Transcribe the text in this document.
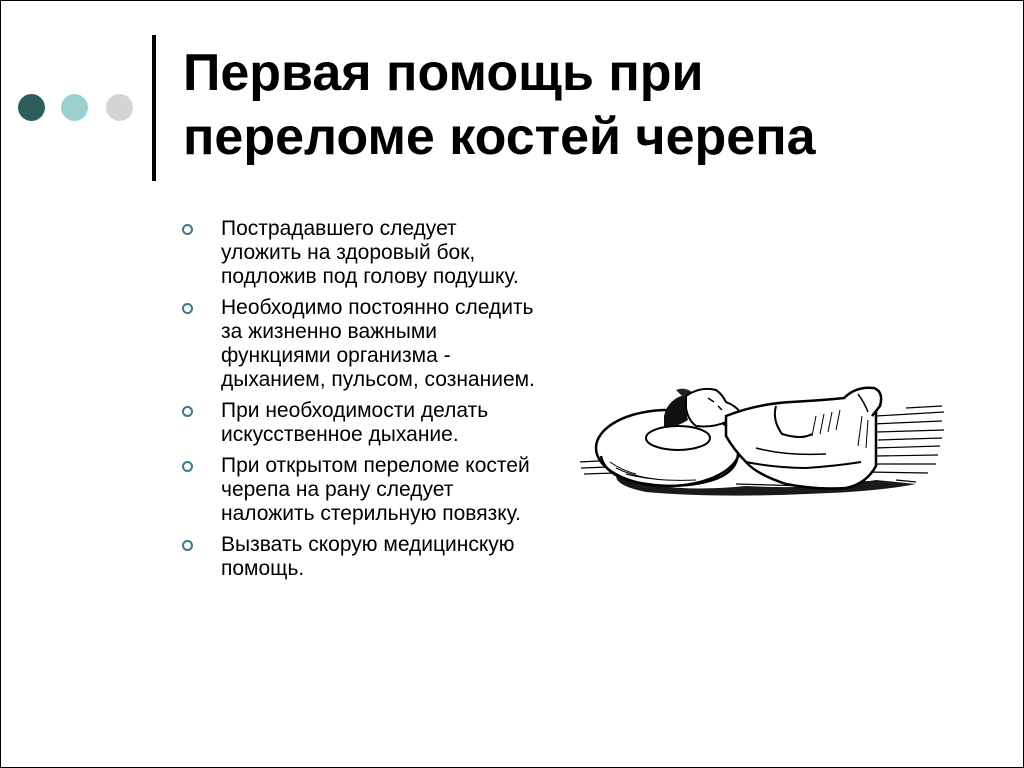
Первая помощь при
переломе костей черепа
Пострадавшего следует уложить на здоровый бок, подложив под голову подушку.
Необходимо постоянно следить за жизненно важными функциями организма - дыханием, пульсом, сознанием.
При необходимости делать искусственное дыхание.
При открытом переломе костей черепа на рану следует наложить стерильную повязку.
Вызвать скорую медицинскую помощь.
